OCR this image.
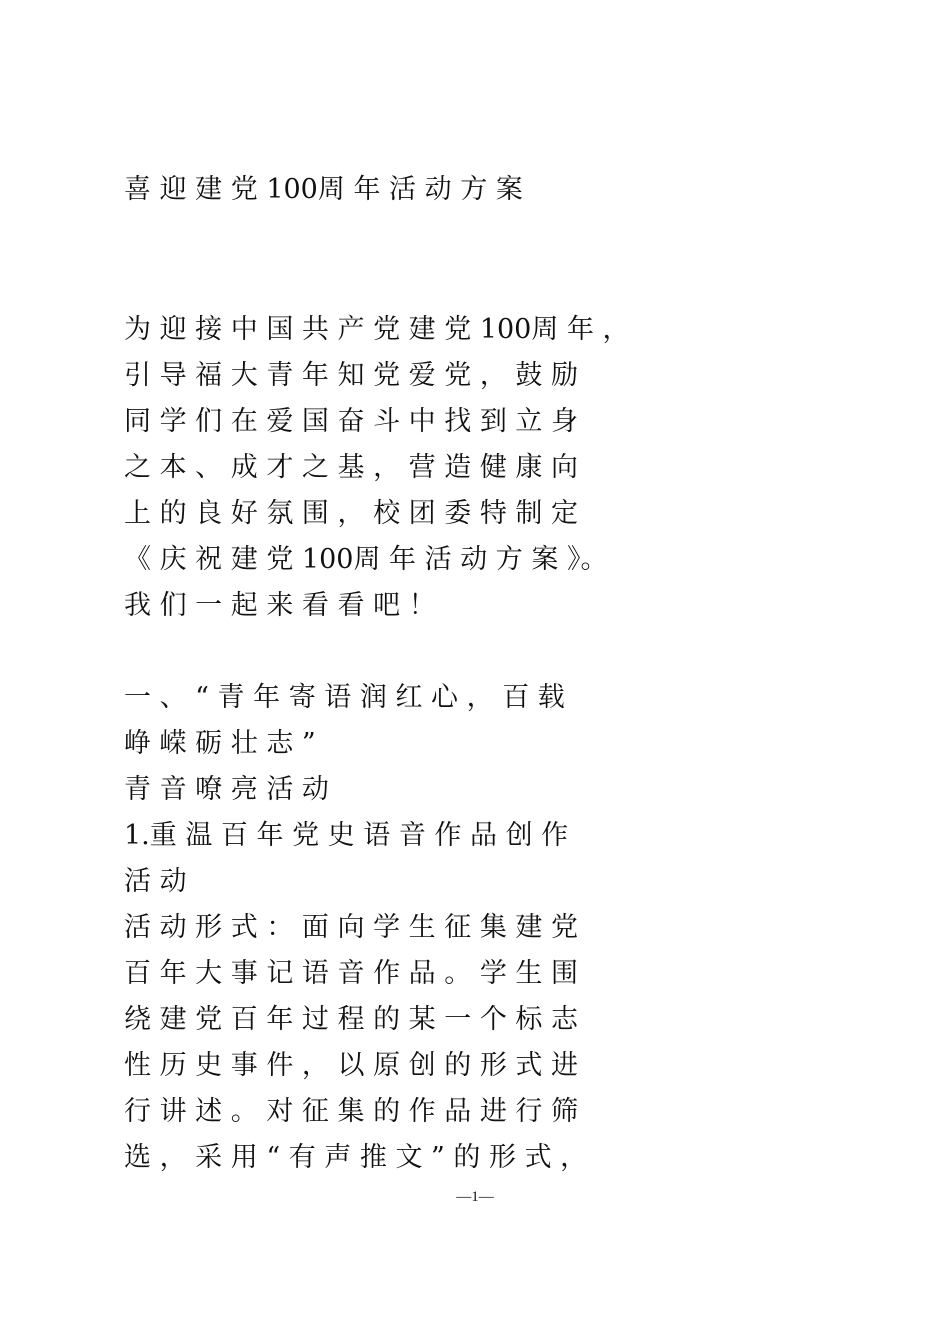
喜 迎 建 党 100周 年 活 动 方 案
为 迎 接 中 国 共 产 党 建 党 100周 年 ，
引 导 福 大 青 年 知 党 爱 党 ， 鼓 励
同 学 们 在 爱 国 奋 斗 中 找 到 立 身
之 本 、 成 才 之 基 ， 营 造 健 康 向
上 的 良 好 氛 围 ， 校 团 委 特 制 定
《 庆 祝 建 党 100周 年 活 动 方 案 》。
我 们 一 起 来 看 看 吧 ！
一 、 “ 青 年 寄 语 润 红 心 ， 百 载
峥 嵘 砺 壮 志 ”
青 音 嘹 亮 活 动
1.重 温 百 年 党 史 语 音 作 品 创 作
活 动
活 动 形 式 ： 面 向 学 生 征 集 建 党
百 年 大 事 记 语 音 作 品 。 学 生 围
绕 建 党 百 年 过 程 的 某 一 个 标 志
性 历 史 事 件 ， 以 原 创 的 形 式 进
行 讲 述 。 对 征 集 的 作 品 进 行 筛
选 ， 采 用 “ 有 声 推 文 ” 的 形 式 ，
—1—
